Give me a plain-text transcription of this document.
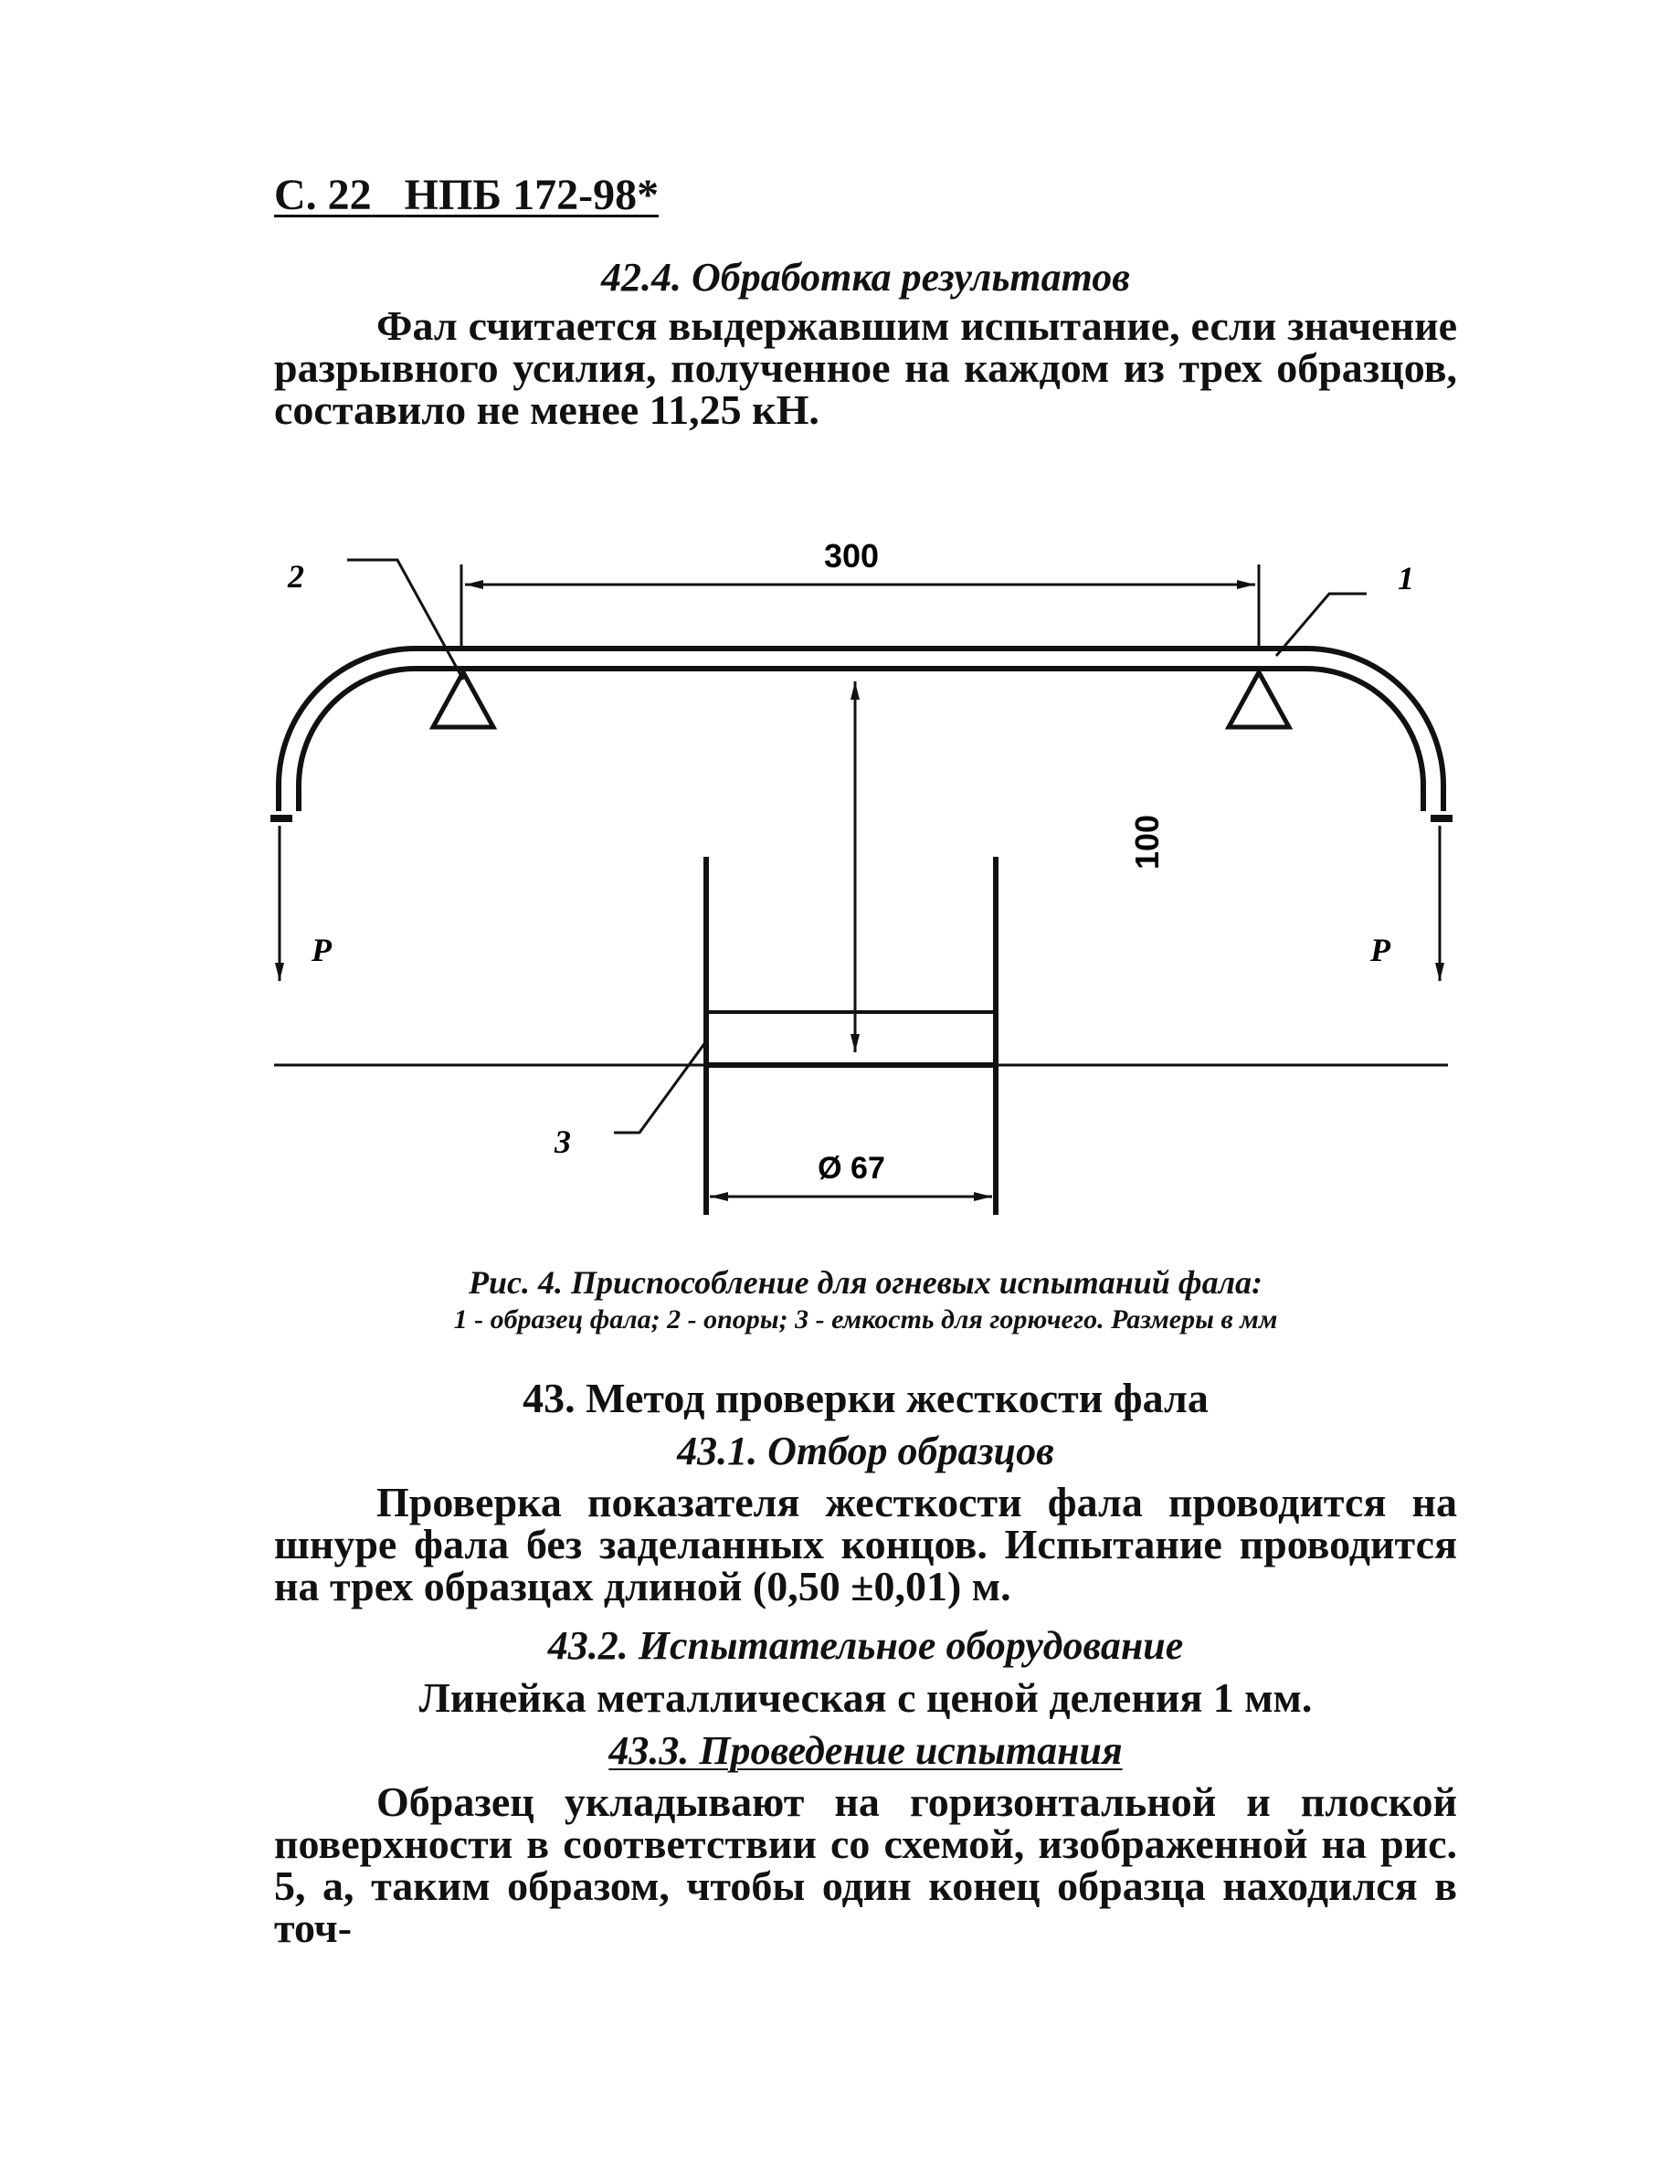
С. 22 НПБ 172-98*
42.4. Обработка результатов
Фал считается выдержавшим испытание, если значение разрывного усилия, полученное на каждом из трех образцов, составило не менее 11,25 кН.
300
100
P	P
Ø 67
2	1
3
Рис. 4. Приспособление для огневых испытаний фала:
1 - образец фала; 2 - опоры; 3 - емкость для горючего. Размеры в мм
43. Метод проверки жесткости фала
43.1. Отбор образцов
Проверка показателя жесткости фала проводится на шнуре фала без заделанных концов. Испытание проводится на трех образцах длиной (0,50 ±0,01) м.
43.2. Испытательное оборудование
Линейка металлическая с ценой деления 1 мм.
43.3. Проведение испытания
Образец укладывают на горизонтальной и плоской поверхности в соответствии со схемой, изображенной на рис. 5, а, таким образом, чтобы один конец образца находился в точ-
